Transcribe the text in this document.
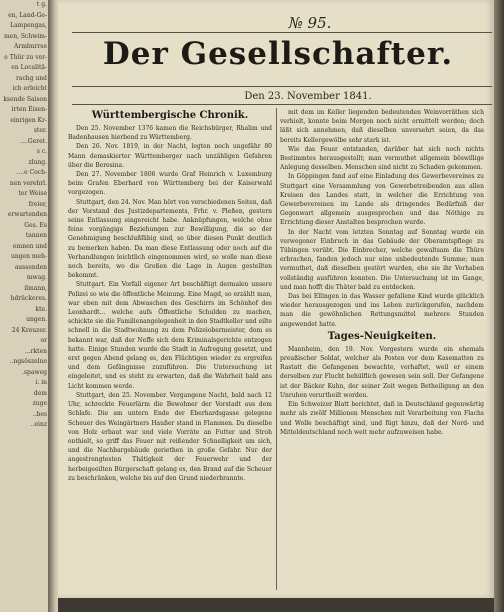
t g.
en, Land-Ge-
Lampengas,
men, Schwim-
Armbnrrse
e Thür zu ver-
en Localitä-
rachg und
ich erleicht
ksende Saison
irten Eisen-
einrigen Kr-
ster.
....Geret.
s c.
zlung.
....e Coch-
nen verehrl.
ter Weise
freier,
erwartenden
Ges. Es
tannen
emnen und
ungen meh-
aussenden
mwag.
ilmann,
hdrückeres.
kte.
ungen.
24 Kreuzer.
or
...rkten
..ngsöszelne
.spaweg
i. in
dem
zuge
..bes
..einz
№ 95.
Der Gesellschafter.
Den 23. November 1841.
Württembergische Chronik.

Den 25. November 1376 kamen die Reichsbürger, Rhalim und Badenhausen hierbend zu Württemberg.

Den 26. Nov. 1819, in der Nacht, legten noch ungefähr 80 Mann demaskierter Württemberger nach unzähligen Gefahren über die Beresina.

Den 27. November 1806 wurde Graf Heinrich v. Luxemburg beim Grafen Eberhard von Württemberg bei der Kaiserwahl vorgezogen.

Stuttgart, den 24. Nov. Man hört von verschiedenen Seiten, daß der Vorstand des Justizdepartements, Frhr. v. Pleßen, gestern seine Entlassung eingereicht habe. Anknüpfungen, welche ohne feine vorgängige Beziehungen zur Bewilligung, die so der Genehmigung beschlußfähig sind, so über diesen Punkt deutlich zu bemerken haben. Da man diese Entlassung oder noch auf die Verhandlungen leichtlich eingenommen wird, so wolle man diese noch bereits, wo die Großen die Lage in Augen gestellten bekommt.

Stuttgart. Ein Vorfall eigener Art beschäftigt dermalen unsere Polizei so wie die öffentliche Meinung. Eine Magd, so erzählt man, war eben mit dem Abwaschen des Geschirrs im Schönhof des Leonhardt... welche aufs Öffentliche Schulden zu machen, schickte sie die Familienangelegenheit in den Stadtkeller und eilte schnell in die Stadtwohnung zu dem Polizeiobermeister, dem es bekannt war, daß der Neffe sich dem Kriminalsgerichte entzogen hatte. Einige Stunden wurde die Stadt in Aufregung gesetzt, und erst gegen Abend gelang es, den Flüchtigen wieder zu ergreifen und dem Gefängnisse zuzuführen. Die Untersuchung ist eingeleitet, und es steht zu erwarten, daß die Wahrheit bald ans Licht kommen werde.

Stuttgart, den 25. November. Vergangene Nacht, bald nach 12 Uhr, schreckte Feuerlärm die Bewohner der Vorstadt aus dem Schlafe. Die am untern Ende der Eberhardsgasse gelegene Scheuer des Weingärtners Haußer stand in Flammen. Da dieselbe von Holz erbaut war und viele Vorräte an Futter und Stroh enthielt, so griff das Feuer mit reißender Schnelligkeit um sich, und die Nachbargebäude geriethen in große Gefahr. Nur der angestrengtesten Thätigkeit der Feuerwehr und der herbeigeeilten Bürgerschaft gelang es, den Brand auf die Scheuer zu beschränken, welche bis auf den Grund niederbrannte.

mit dem im Keller liegenden bedeutenden Weinvorräthen sich verhielt, konnte beim Morgen noch nicht ermittelt werden; doch läßt sich annehmen, daß dieselben unversehrt seien, da das bereits Kellergewölbe sehr stark ist.

Wie das Feuer entstanden, darüber hat sich noch nichts Bestimmtes herausgestellt; man vermuthet allgemein böswillige Anlegung desselben. Menschen sind nicht zu Schaden gekommen.

In Göppingen fand auf eine Einladung des Gewerbevereines zu Stuttgart eine Versammlung von Gewerbetreibenden aus allen Kreisen des Landes statt, in welcher die Errichtung von Gewerbevereinen im Lande als dringendes Bedürfniß der Gegenwart allgemein ausgesprochen und das Nöthige zu Errichtung dieser Anstalten besprochen wurde.

In der Nacht vom letzten Sonntag auf Sonntag wurde ein verwegener Einbruch in das Gebäude der Oberamtspflege zu Tübingen verübt. Die Einbrecher, welche gewaltsam die Thüre erbrachen, fanden jedoch nur eine unbedeutende Summe; man vermuthet, daß dieselben gestört wurden, ehe sie ihr Vorhaben vollständig ausführen konnten. Die Untersuchung ist im Gange, und man hofft die Thäter bald zu entdecken.

Das bei Ellingen in das Wasser gefallene Kind wurde glücklich wieder herausgezogen und ins Leben zurückgerufen, nachdem man die gewöhnlichen Rettungsmittel mehrere Stunden angewendet hatte.

Tages-Neuigkeiten.

Mannheim, den 19. Nov. Vorgestern wurde ein ehemals preußischer Soldat, welcher als Posten vor dem Kasematten zu Rastatt die Gefangenen bewachte, verhaftet, weil er einem derselben zur Flucht behülflich gewesen sein soll. Der Gefangene ist der Bäcker Kuhn, der seiner Zeit wegen Betheiligung an den Unruhen verurtheilt worden.

Ein Schweizer Blatt berichtet, daß in Deutschland gegenwärtig mehr als zwölf Millionen Menschen mit Verarbeitung von Flachs und Wolle beschäftigt sind, und fügt hinzu, daß der Nord- und Mitteldeutschland noch weit mehr aufzuweisen habe.
